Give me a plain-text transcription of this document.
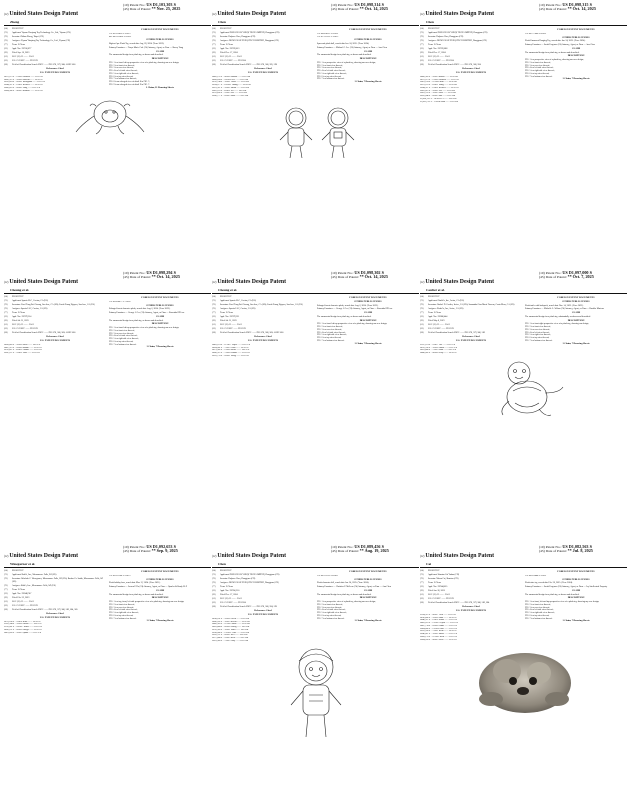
(12)United States Design Patent
Zheng
(10) Patent No.: US D1,103,303 S
(45) Date of Patent: ** Nov. 25, 2025
(54)	PLUSH TOY
(71)	Applicant: Yiyuan Yinqiang Toy Technology Co., Ltd., Yiyuan (CN)
(72)	Inventor: Zhihua Zheng, Taipei (CN)
(73)	Assignee: Yiyuan Yinqiang Toy Technology Co., Ltd., Yiyuan (CN)
(**)	Term: 15 Years
(21)	Appl. No.: 29/910,877
(22)	Filed: Sep. 16, 2023
(51)	LOC (15) Cl. ........ 21-01
(52)	U.S. Cl. USPC ........ D21/578
(58)	Field of Classification Search USPC ........ D21/578, 579, 580; A63H 3/00
References Cited
U.S. PATENT DOCUMENTS
D872,213 S * 1/2020 Fiorfoni ........ D21/578
D896,312 S * 9/2020 Laurent ........ D21/578
D929,014 S * 8/2021 Ravagnani ........ D21/578
D944,311 S * 2/2022 Kreuzer ........ D21/578
D960,023 S * 8/2022 Yang ........ D21/578
D984,506 S * 4/2023 Rodrick ........ D21/578
FOREIGN PATENT DOCUMENTS
CN 305123456 S 3/2019
KR 3001123456 S 6/2021
OTHER PUBLICATIONS
Bigfoot Ape Plush Toy, search date Aug. 28, 2024. (Year: 2022).
Primary Examiner — Tonya Marie Cole (74) Attorney, Agent, or Firm — Sherry Yang
CLAIM
The ornamental design for a plush toy, as shown and described.
DESCRIPTION
FIG. 1 is a front left top perspective view of a plush toy, showing our new design;
FIG. 2 is a front view thereof;
FIG. 3 is a rear view thereof;
FIG. 4 is a left side view thereof;
FIG. 5 is a right side view thereof;
FIG. 6 is a top view thereof;
FIG. 7 is a bottom view thereof;
FIG. 8 is an enlarged view of detail 8 in FIG. 7;
FIG. 9 is an enlarged view of detail 9 in FIG. 7.
1 Claim, 11 Drawing Sheets
(12)United States Design Patent
Chen
(10) Patent No.: US D1,098,314 S
(45) Date of Patent: ** Oct. 14, 2025
(54)	PLUSH TOY
(71)	Applicant: DONGGUAN YUEQI TECH LIMITED, Dongguan (CN)
(72)	Inventor: Huijuan Chen, Dongguan (CN)
(73)	Assignee: DONGGUAN YUEQI TECH LIMITED, Dongguan (CN)
(**)	Term: 15 Years
(21)	Appl. No.: 29/970,013
(22)	Filed: Dec. 17, 2024
(51)	LOC (15) Cl. ........ 21-01
(52)	U.S. Cl. USPC ........ D21/594
(58)	Field of Classification Search USPC ........ D21/578, 580, 595, 596
References Cited
U.S. PATENT DOCUMENTS
D882,125 S * 4/2020 Lamarr ........ D21/594
D898,854 S * 10/2020 Lee ........ D21/594
D912,744 S * 3/2021 Gross ........ D21/594
D934,117 S * 10/2021 Huang ........ D21/594
D951,367 S * 5/2022 Smith ........ D21/594
D962,110 S * 8/2022 Hu ........ D21/594
D979,456 S * 2/2023 Lin ........ D21/594
D990,777 S * 6/2023 Zhao ........ D21/594
FOREIGN PATENT DOCUMENTS
CN 306654321 S 6/2021
CN 307112233 S 3/2022
OTHER PUBLICATIONS
Spacesuit plush doll, search date Jan. 24, 2025. (Year: 2024).
Primary Examiner — Michael G. Lee (74) Attorney, Agent, or Firm — Ann Chen
CLAIM
The ornamental design for a plush toy, as shown and described.
DESCRIPTION
FIG. 1 is a perspective view of a plush toy, showing our new design;
FIG. 2 is a front view thereof;
FIG. 3 is a rear view thereof;
FIG. 4 is a left side view thereof;
FIG. 5 is a right side view thereof;
FIG. 6 is a top view thereof;
FIG. 7 is a bottom view thereof.
1 Claim, 7 Drawing Sheets
(12)United States Design Patent
Chen
(10) Patent No.: US D1,098,315 S
(45) Date of Patent: ** Oct. 14, 2025
(54)	PLUSH TOY
(71)	Applicant: DONGGUAN YUEQI TECH LIMITED, Dongguan (CN)
(72)	Inventor: Huijuan Chen, Dongguan (CN)
(73)	Assignee: DONGGUAN YUEQI TECH LIMITED, Dongguan (CN)
(**)	Term: 15 Years
(21)	Appl. No.: 29/970,088
(22)	Filed: Dec. 17, 2024
(51)	LOC (15) Cl. ........ 21-01
(52)	U.S. Cl. USPC ........ D21/594
(58)	Field of Classification Search USPC ........ D21/578, 580, 594
References Cited
U.S. PATENT DOCUMENTS
D860,305 S * 9/2019 Brown ........ D21/594
D872,213 S * 1/2020 Fiorfoni ........ D21/578
D901,224 S * 11/2020 Kim ........ D21/594
D921,110 S * 6/2021 Wang ........ D21/594
D944,311 S * 2/2022 Kreuzer ........ D21/578
D965,012 S * 9/2022 Liu ........ D21/594
D981,333 S * 3/2023 Park ........ D21/594
D995,640 S * 8/2023 Sun ........ D21/594
D1,002,151 S * 10/2023 Li ........ D21/594
D1,010,722 S * 1/2024 Zhou ........ D21/594
FOREIGN PATENT DOCUMENTS
CN 306777888 S 8/2021
OTHER PUBLICATIONS
Plush Ornament Hanging Toy, search date Jan. 24, 2025. (Year: 2024).
Primary Examiner — Sarah Ferguson (74) Attorney, Agent, or Firm — Ann Chen
CLAIM
The ornamental design for a plush toy, as shown and described.
DESCRIPTION
FIG. 1 is a perspective view of a plush toy, showing our new design;
FIG. 2 is a front view thereof;
FIG. 3 is a rear view thereof;
FIG. 4 is a left side view thereof;
FIG. 5 is a right side view thereof;
FIG. 6 is a top view thereof;
FIG. 7 is a bottom view thereof.
1 Claim, 7 Drawing Sheets
(12)United States Design Patent
Cheung et al.
(10) Patent No.: US D1,098,294 S
(45) Date of Patent: ** Oct. 14, 2025
(54)	PLUSH TOY
(71)	Applicant: Spanix LLC, Covina, CA (US)
(72)	Inventors: Pawl Tung Pui Cheung, San Jose, CA (US); Linda Yeung Nguyen, San Jose, CA (US)
(73)	Assignee: Spanix LLC, Covina, CA (US)
(**)	Term: 15 Years
(21)	Appl. No.: 29/979,314
(22)	Filed: Jul. 31, 2023
(51)	LOC (15) Cl. ........ 21-01
(52)	U.S. Cl. USPC ........ D21/578
(58)	Field of Classification Search USPC ........ D21/578, 580, 583; A63H 3/00
References Cited
U.S. PATENT DOCUMENTS
D828,883 S * 9/2018 Zhou ........ D21/578
D887,515 S * 6/2020 Martin ........ D21/578
D915,411 S * 4/2021 Okafor ........ D21/578
D947,211 S * 3/2022 Diaz ........ D21/578
FOREIGN PATENT DOCUMENTS
CN 305998877 S 7/2020
OTHER PUBLICATIONS
Enlarged forest character plush, search date Aug. 6, 2024. (Year: 2023).
Primary Examiner — George J. Gee (74) Attorney, Agent, or Firm — Rosenthal IP Law
CLAIM
The ornamental design for a plush toy, as shown and described.
DESCRIPTION
FIG. 1 is a front left top perspective view of a plush toy, showing our new design;
FIG. 2 is a front view thereof;
FIG. 3 is a rear view thereof;
FIG. 4 is a left side view thereof;
FIG. 5 is a right side view thereof;
FIG. 6 is a top view thereof;
FIG. 7 is a bottom view thereof.
1 Claim, 7 Drawing Sheets
(12)United States Design Patent
Cheung et al.
(10) Patent No.: US D1,098,302 S
(45) Date of Patent: ** Oct. 14, 2025
(54)	PLUSH TOY
(71)	Applicant: Spanix LLC, Covina, CA (US)
(72)	Inventors: Pawl Tung Pui Cheung, San Jose, CA (US); Linda Yeung Nguyen, San Jose, CA (US)
(73)	Assignee: Spanix LLC, Covina, CA (US)
(**)	Term: 15 Years
(21)	Appl. No.: 29/979,321
(22)	Filed: Jul. 31, 2023
(51)	LOC (15) Cl. ........ 21-01
(52)	U.S. Cl. USPC ........ D21/578
(58)	Field of Classification Search USPC ........ D21/578, 580, 583; A63H 3/00
References Cited
U.S. PATENT DOCUMENTS
D803,114 S * 11/2017 Lopez ........ D21/578
D854,601 S * 7/2019 Chou ........ D21/578
D871,902 S * 1/2020 Weber ........ D21/578
D890,312 S * 7/2020 Adams ........ D21/578
D923,778 S * 6/2021 Wong ........ D21/578
FOREIGN PATENT DOCUMENTS
OTHER PUBLICATIONS
Enlarged forest character plush, search date Aug. 6, 2024. (Year: 2023).
Primary Examiner — George J. Gee (74) Attorney, Agent, or Firm — Rosenthal IP Law
CLAIM
The ornamental design for a plush toy, as shown and described.
DESCRIPTION
FIG. 1 is a front left top perspective view of a plush toy, showing our new design;
FIG. 2 is a front view thereof;
FIG. 3 is a rear view thereof;
FIG. 4 is a left side view thereof;
FIG. 5 is a right side view thereof;
FIG. 6 is a top view thereof;
FIG. 7 is a bottom view thereof.
1 Claim, 7 Drawing Sheets
(12)United States Design Patent
Coulter et al.
(10) Patent No.: US D1,097,000 S
(45) Date of Patent: ** Oct. 7, 2025
(54)	PLUSH TOY
(71)	Applicant: PlushCo, Inc., Irvine, CA (US)
(72)	Inventors: Rachel D. Coulter, Irvine, CA (US); Samantha Gina Marie Tornero, Costa Mesa, CA (US)
(73)	Assignee: PlushCo, Inc., Irvine, CA (US)
(**)	Term: 15 Years
(21)	Appl. No.: 29/880,444
(22)	Filed: May 8, 2023
(51)	LOC (15) Cl. ........ 21-01
(52)	U.S. Cl. USPC ........ D21/578
(58)	Field of Classification Search USPC ........ D21/578, 579, 580, 583
References Cited
U.S. PATENT DOCUMENTS
D787,114 S * 5/2017 Fox ........ D21/578
D812,556 S * 3/2018 Harris ........ D21/578
D853,400 S * 7/2019 Nash ........ D21/578
D880,602 S * 4/2020 Perry ........ D21/578
FOREIGN PATENT DOCUMENTS
OTHER PUBLICATIONS
Plush turtle with backpack, search date Nov. 14, 2023. (Year: 2022).
Primary Examiner — Michelle L. Wilson (74) Attorney, Agent, or Firm — Knobbe Martens
CLAIM
The ornamental design for a plush toy, substantially as shown and described.
DESCRIPTION
FIG. 1 is a front right perspective view of a plush toy, showing our design;
FIG. 2 is a front view thereof;
FIG. 3 is a rear view thereof;
FIG. 4 is a left view thereof;
FIG. 5 is a right view thereof;
FIG. 6 is a top view thereof;
FIG. 7 is a bottom view thereof.
1 Claim, 7 Drawing Sheets
(12)United States Design Patent
Winegarner et al.
(10) Patent No.: US D1,092,653 S
(45) Date of Patent: ** Sep. 9, 2025
(54)	PLUSH TOY
(71)	Applicant: Kohl's, Inc., Menomonee Falls, WI (US)
(72)	Inventors: Rebekah C. Winegarner, Menomonee Falls, WI (US); Rachael A. Smith, Menomonee Falls, WI (US)
(73)	Assignee: Kohl's, Inc., Menomonee Falls, WI (US)
(**)	Term: 15 Years
(21)	Appl. No.: 29/848,747
(22)	Filed: Feb. 23, 2023
(51)	LOC (15) Cl. ........ 21-01
(52)	U.S. Cl. USPC ........ D21/578
(58)	Field of Classification Search USPC ........ D21/578, 579, 580, 583, 584, 585
References Cited
U.S. PATENT DOCUMENTS
D611,100 S * 3/2010 Kline ........ D21/578
D705,344 S * 5/2014 Fulton ........ D21/578
D799,601 S * 10/2017 Baker ........ D21/578
D826,221 S * 8/2018 Ortega ........ D21/578
D861,099 S * 9/2019 Quinn ........ D21/578
FOREIGN PATENT DOCUMENTS
CN 305221100 S 2/2019
OTHER PUBLICATIONS
Plush holiday bear, search date Mar. 12, 2024. (Year: 2021).
Primary Examiner — Lauren E Ho (74) Attorney, Agent, or Firm — Quarles & Brady LLP
CLAIM
The ornamental design for a plush toy, as shown and described.
DESCRIPTION
FIG. 1 is a top, front, left side perspective view of a plush toy, showing our new design;
FIG. 2 is a front view thereof;
FIG. 3 is a rear view thereof;
FIG. 4 is a left side view thereof;
FIG. 5 is a right side view thereof;
FIG. 6 is a top view thereof;
FIG. 7 is a bottom view thereof.
1 Claim, 7 Drawing Sheets
(12)United States Design Patent
Chen
(10) Patent No.: US D1,089,456 S
(45) Date of Patent: ** Aug. 19, 2025
(54)	PLUSH TOY
(71)	Applicant: DONGGUAN YUEQI TECH LIMITED, Dongguan (CN)
(72)	Inventor: Huijuan Chen, Dongguan (CN)
(73)	Assignee: DONGGUAN YUEQI TECH LIMITED, Dongguan (CN)
(**)	Term: 15 Years
(21)	Appl. No.: 29/950,210
(22)	Filed: Dec. 17, 2024
(51)	LOC (15) Cl. ........ 21-01
(52)	U.S. Cl. USPC ........ D21/594
(58)	Field of Classification Search USPC ........ D21/578, 580, 594, 595
References Cited
U.S. PATENT DOCUMENTS
D818,101 S * 5/2018 Green ........ D21/594
D842,202 S * 3/2019 Rivera ........ D21/594
D866,303 S * 11/2019 Stone ........ D21/594
D893,404 S * 8/2020 Young ........ D21/594
D912,505 S * 3/2021 Ward ........ D21/594
D938,606 S * 12/2021 Cruz ........ D21/594
D959,707 S * 8/2022 Bell ........ D21/594
D977,808 S * 2/2023 Reed ........ D21/594
D991,909 S * 7/2023 Gray ........ D21/594
FOREIGN PATENT DOCUMENTS
CN 306111222 S 4/2021
OTHER PUBLICATIONS
Plush character doll, search date Jan. 24, 2025. (Year: 2024).
Primary Examiner — Christine P. McLean (74) Attorney, Agent, or Firm — Ann Chen
CLAIM
The ornamental design for a plush toy, as shown and described.
DESCRIPTION
FIG. 1 is a perspective view of a plush toy, showing our new design;
FIG. 2 is a front view thereof;
FIG. 3 is a rear view thereof;
FIG. 4 is a left side view thereof;
FIG. 5 is a right side view thereof;
FIG. 6 is a top view thereof;
FIG. 7 is a bottom view thereof.
1 Claim, 7 Drawing Sheets
(12)United States Design Patent
Cai
(10) Patent No.: US D1,082,563 S
(45) Date of Patent: ** Jul. 8, 2025
(54)	PLUSH TOY
(71)	Applicant: Shantou Cai Yukun (CN)
(72)	Inventor: Yukun Cai, Shantou (CN)
(**)	Term: 15 Years
(21)	Appl. No.: 29/944,055
(22)	Filed: Jan. 20, 2025
(51)	LOC (15) Cl. ........ 21-01
(52)	U.S. Cl. USPC ........ D21/578
(58)	Field of Classification Search USPC ........ D21/578, 579, 580, 583, 584
References Cited
U.S. PATENT DOCUMENTS
D784,312 S * 4/2017 Cain ........ D21/578
D816,445 S * 5/2018 Duke ........ D21/578
D840,511 S * 2/2019 Evans ........ D21/578
D869,623 S * 12/2019 Flynn ........ D21/578
D887,734 S * 6/2020 Gibbs ........ D21/578
D904,845 S * 12/2020 Hale ........ D21/578
D925,956 S * 7/2021 Irwin ........ D21/578
D946,067 S * 3/2022 James ........ D21/578
D968,178 S * 11/2022 Kent ........ D21/578
D984,289 S * 4/2023 Lowe ........ D21/578
FOREIGN PATENT DOCUMENTS
CN 306555444 S 5/2021
OTHER PUBLICATIONS
Plush otter toy, search date Feb. 26, 2025. (Year: 2024).
Primary Examiner — Sarah Ferguson (74) Attorney, Agent, or Firm — Ivy Intellectual Property
CLAIM
The ornamental design for a plush toy, as shown and described.
DESCRIPTION
FIG. 1 is a front, left and top perspective view of a plush toy, showing my new design;
FIG. 2 is a front view thereof;
FIG. 3 is a rear view thereof;
FIG. 4 is a left side view thereof;
FIG. 5 is a right side view thereof;
FIG. 6 is a top view thereof;
FIG. 7 is a bottom view thereof.
1 Claim, 7 Drawing Sheets
